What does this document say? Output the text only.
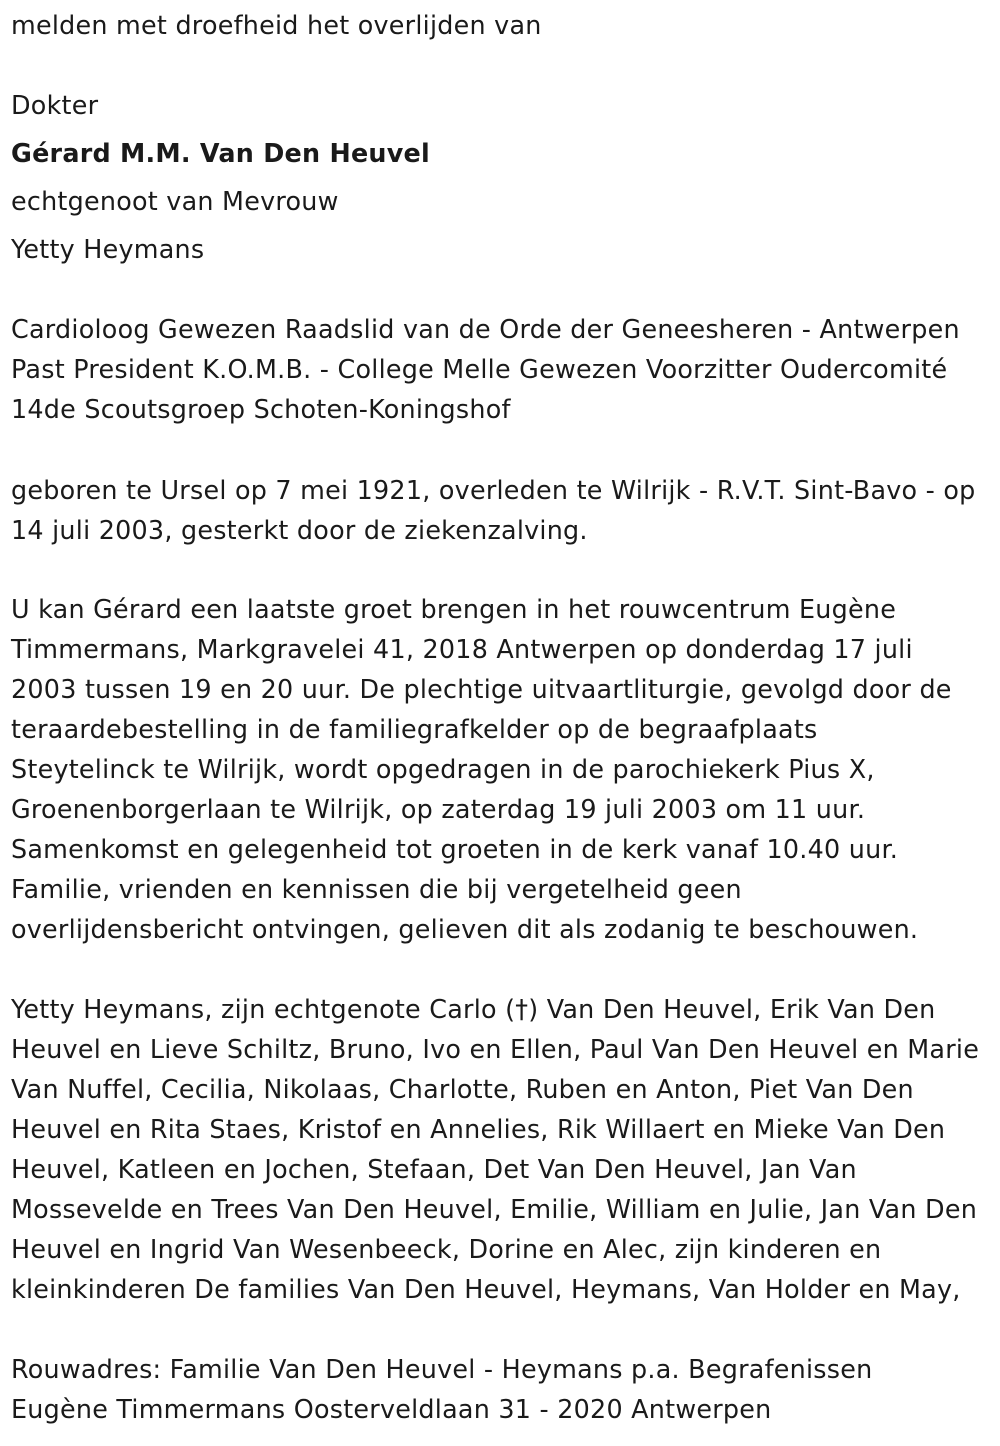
melden met droefheid het overlijden van
Dokter
Gérard M.M. Van Den Heuvel
echtgenoot van Mevrouw
Yetty Heymans
Cardioloog Gewezen Raadslid van de Orde der Geneesheren - Antwerpen
Past President K.O.M.B. - College Melle Gewezen Voorzitter Oudercomité
14de Scoutsgroep Schoten-Koningshof
geboren te Ursel op 7 mei 1921, overleden te Wilrijk - R.V.T. Sint-Bavo - op
14 juli 2003, gesterkt door de ziekenzalving.
U kan Gérard een laatste groet brengen in het rouwcentrum Eugène
Timmermans, Markgravelei 41, 2018 Antwerpen op donderdag 17 juli
2003 tussen 19 en 20 uur. De plechtige uitvaartliturgie, gevolgd door de
teraardebestelling in de familiegrafkelder op de begraafplaats
Steytelinck te Wilrijk, wordt opgedragen in de parochiekerk Pius X,
Groenenborgerlaan te Wilrijk, op zaterdag 19 juli 2003 om 11 uur.
Samenkomst en gelegenheid tot groeten in de kerk vanaf 10.40 uur.
Familie, vrienden en kennissen die bij vergetelheid geen
overlijdensbericht ontvingen, gelieven dit als zodanig te beschouwen.
Yetty Heymans, zijn echtgenote Carlo (†) Van Den Heuvel, Erik Van Den
Heuvel en Lieve Schiltz, Bruno, Ivo en Ellen, Paul Van Den Heuvel en Marie
Van Nuffel, Cecilia, Nikolaas, Charlotte, Ruben en Anton, Piet Van Den
Heuvel en Rita Staes, Kristof en Annelies, Rik Willaert en Mieke Van Den
Heuvel, Katleen en Jochen, Stefaan, Det Van Den Heuvel, Jan Van
Mossevelde en Trees Van Den Heuvel, Emilie, William en Julie, Jan Van Den
Heuvel en Ingrid Van Wesenbeeck, Dorine en Alec, zijn kinderen en
kleinkinderen De families Van Den Heuvel, Heymans, Van Holder en May,
Rouwadres: Familie Van Den Heuvel - Heymans p.a. Begrafenissen
Eugène Timmermans Oosterveldlaan 31 - 2020 Antwerpen
